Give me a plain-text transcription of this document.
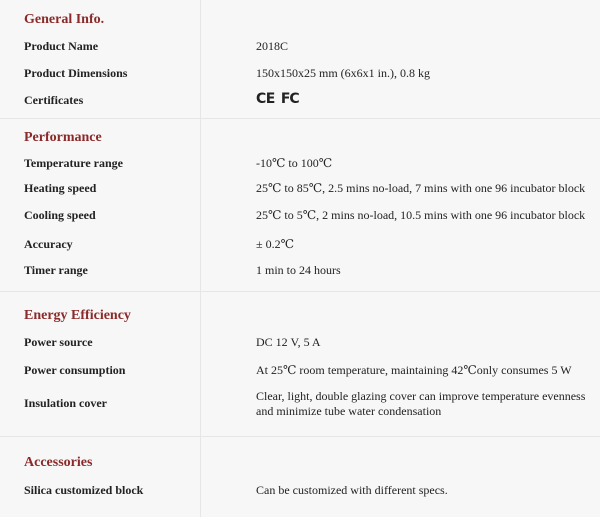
General Info.
Product Name	2018C
Product Dimensions	150x150x25 mm (6x6x1 in.), 0.8 kg
Certificates	CE FC
Performance
Temperature range	-10℃ to 100℃
Heating speed	25℃ to 85℃, 2.5 mins no-load, 7 mins with one 96 incubator block
Cooling speed	25℃ to 5℃, 2 mins no-load, 10.5 mins with one 96 incubator block
Accuracy	± 0.2℃
Timer range	1 min to 24 hours
Energy Efficiency
Power source	DC 12 V, 5 A
Power consumption	At 25℃ room temperature, maintaining 42℃only consumes 5 W
Insulation cover	Clear, light, double glazing cover can improve temperature evenness and minimize tube water condensation
Accessories
Silica customized block	Can be customized with different specs.
